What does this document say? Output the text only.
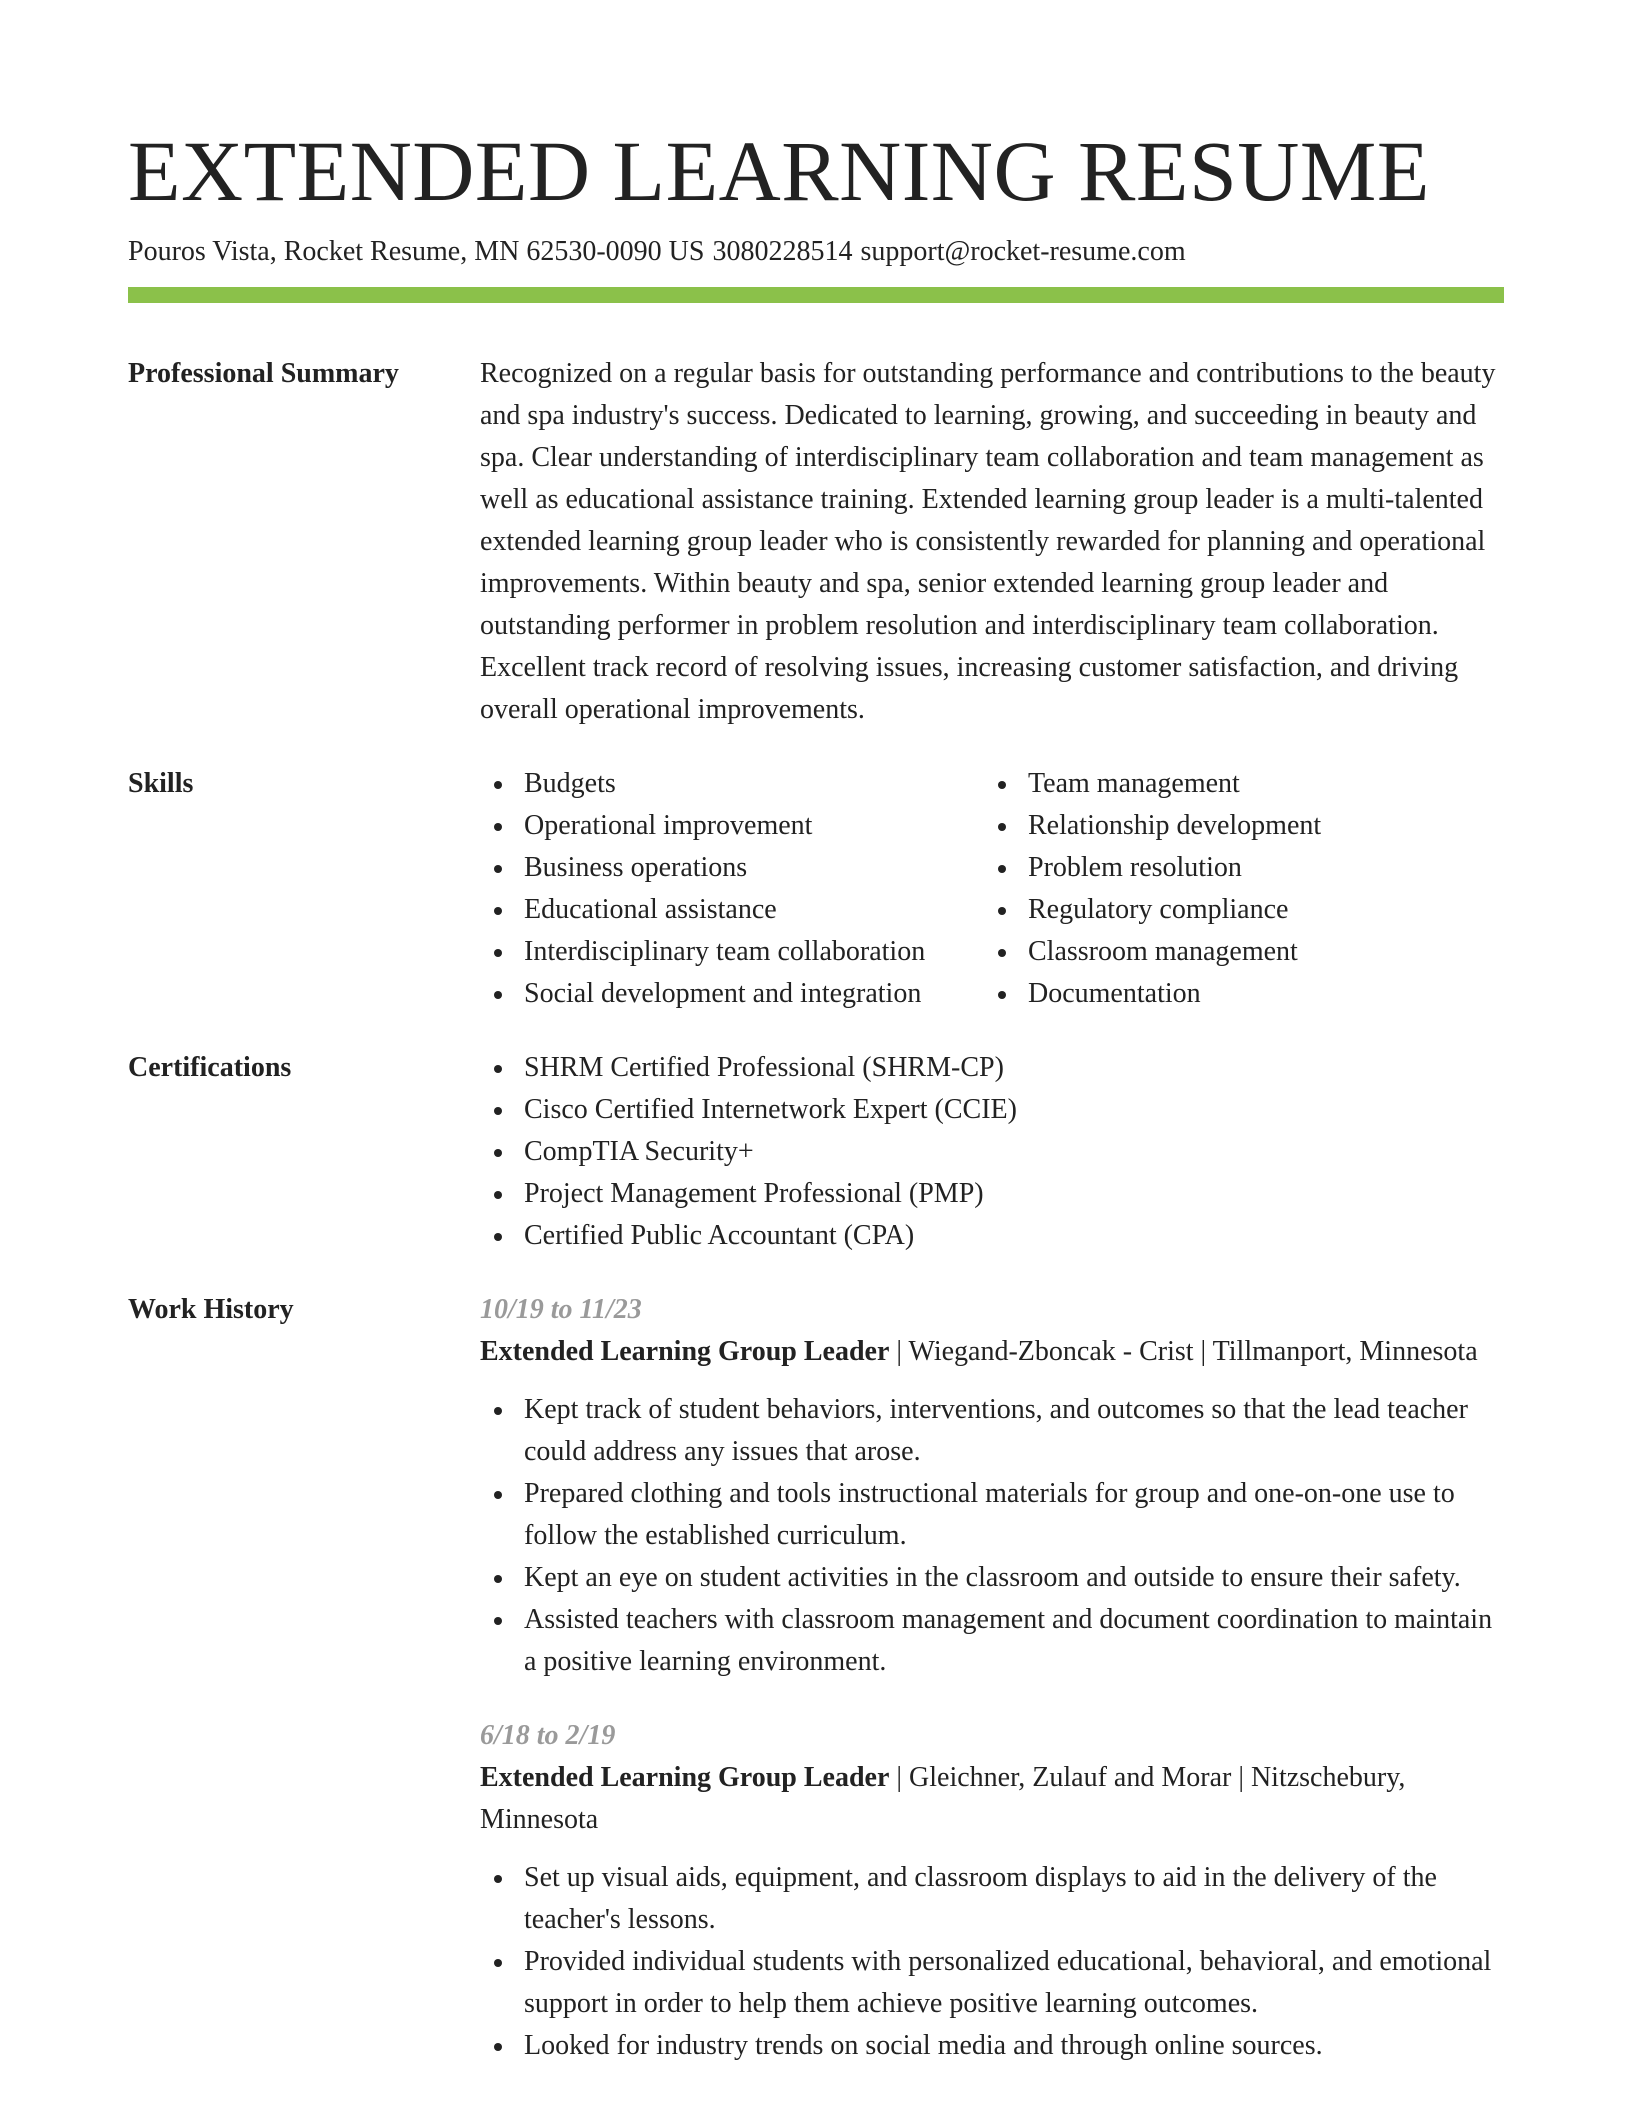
EXTENDED LEARNING RESUME
Pouros Vista, Rocket Resume, MN 62530-0090 US 3080228514 support@rocket-resume.com
Professional Summary	Recognized on a regular basis for outstanding performance and contributions to the beauty and spa industry's success. Dedicated to learning, growing, and succeeding in beauty and spa. Clear understanding of interdisciplinary team collaboration and team management as well as educational assistance training. Extended learning group leader is a multi-talented extended learning group leader who is consistently rewarded for planning and operational improvements. Within beauty and spa, senior extended learning group leader and outstanding performer in problem resolution and interdisciplinary team collaboration. Excellent track record of resolving issues, increasing customer satisfaction, and driving overall operational improvements.
Skills	Budgets
Operational improvement
Business operations
Educational assistance
Interdisciplinary team collaboration
Social development and integration
Team management
Relationship development
Problem resolution
Regulatory compliance
Classroom management
Documentation
Certifications	SHRM Certified Professional (SHRM-CP)
Cisco Certified Internetwork Expert (CCIE)
CompTIA Security+
Project Management Professional (PMP)
Certified Public Accountant (CPA)
Work History	10/19 to 11/23
Extended Learning Group Leader | Wiegand-Zboncak - Crist | Tillmanport, Minnesota
Kept track of student behaviors, interventions, and outcomes so that the lead teacher could address any issues that arose.
Prepared clothing and tools instructional materials for group and one-on-one use to follow the established curriculum.
Kept an eye on student activities in the classroom and outside to ensure their safety.
Assisted teachers with classroom management and document coordination to maintain a positive learning environment.
6/18 to 2/19
Extended Learning Group Leader | Gleichner, Zulauf and Morar | Nitzschebury, Minnesota
Set up visual aids, equipment, and classroom displays to aid in the delivery of the teacher's lessons.
Provided individual students with personalized educational, behavioral, and emotional support in order to help them achieve positive learning outcomes.
Looked for industry trends on social media and through online sources.
